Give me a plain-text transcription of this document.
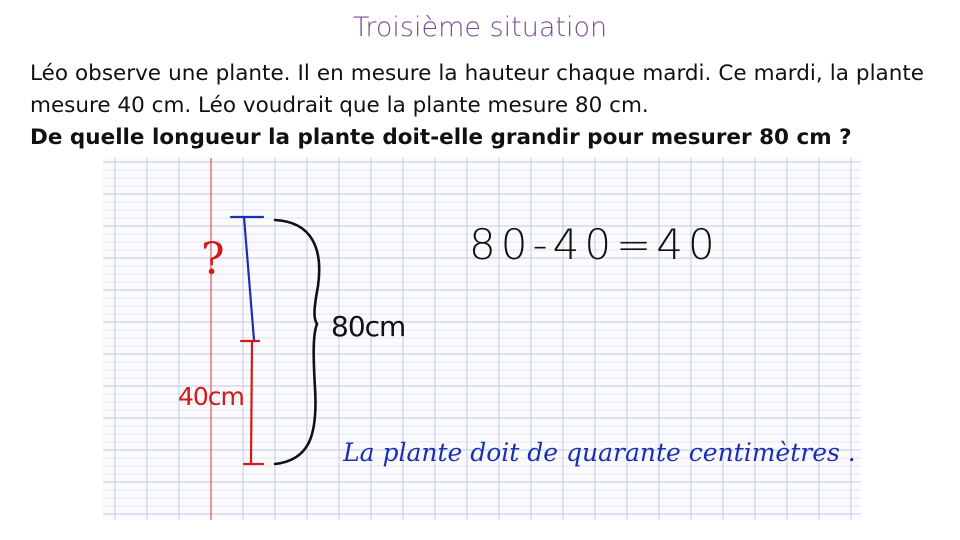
Troisième situation
Léo observe une plante. Il en mesure la hauteur chaque mardi. Ce mardi, la plante mesure 40 cm. Léo voudrait que la plante mesure 80 cm.
De quelle longueur la plante doit-elle grandir pour mesurer 80 cm ?
?
40cm
80cm
80-40=40
La plante doit de quarante centimètres .
